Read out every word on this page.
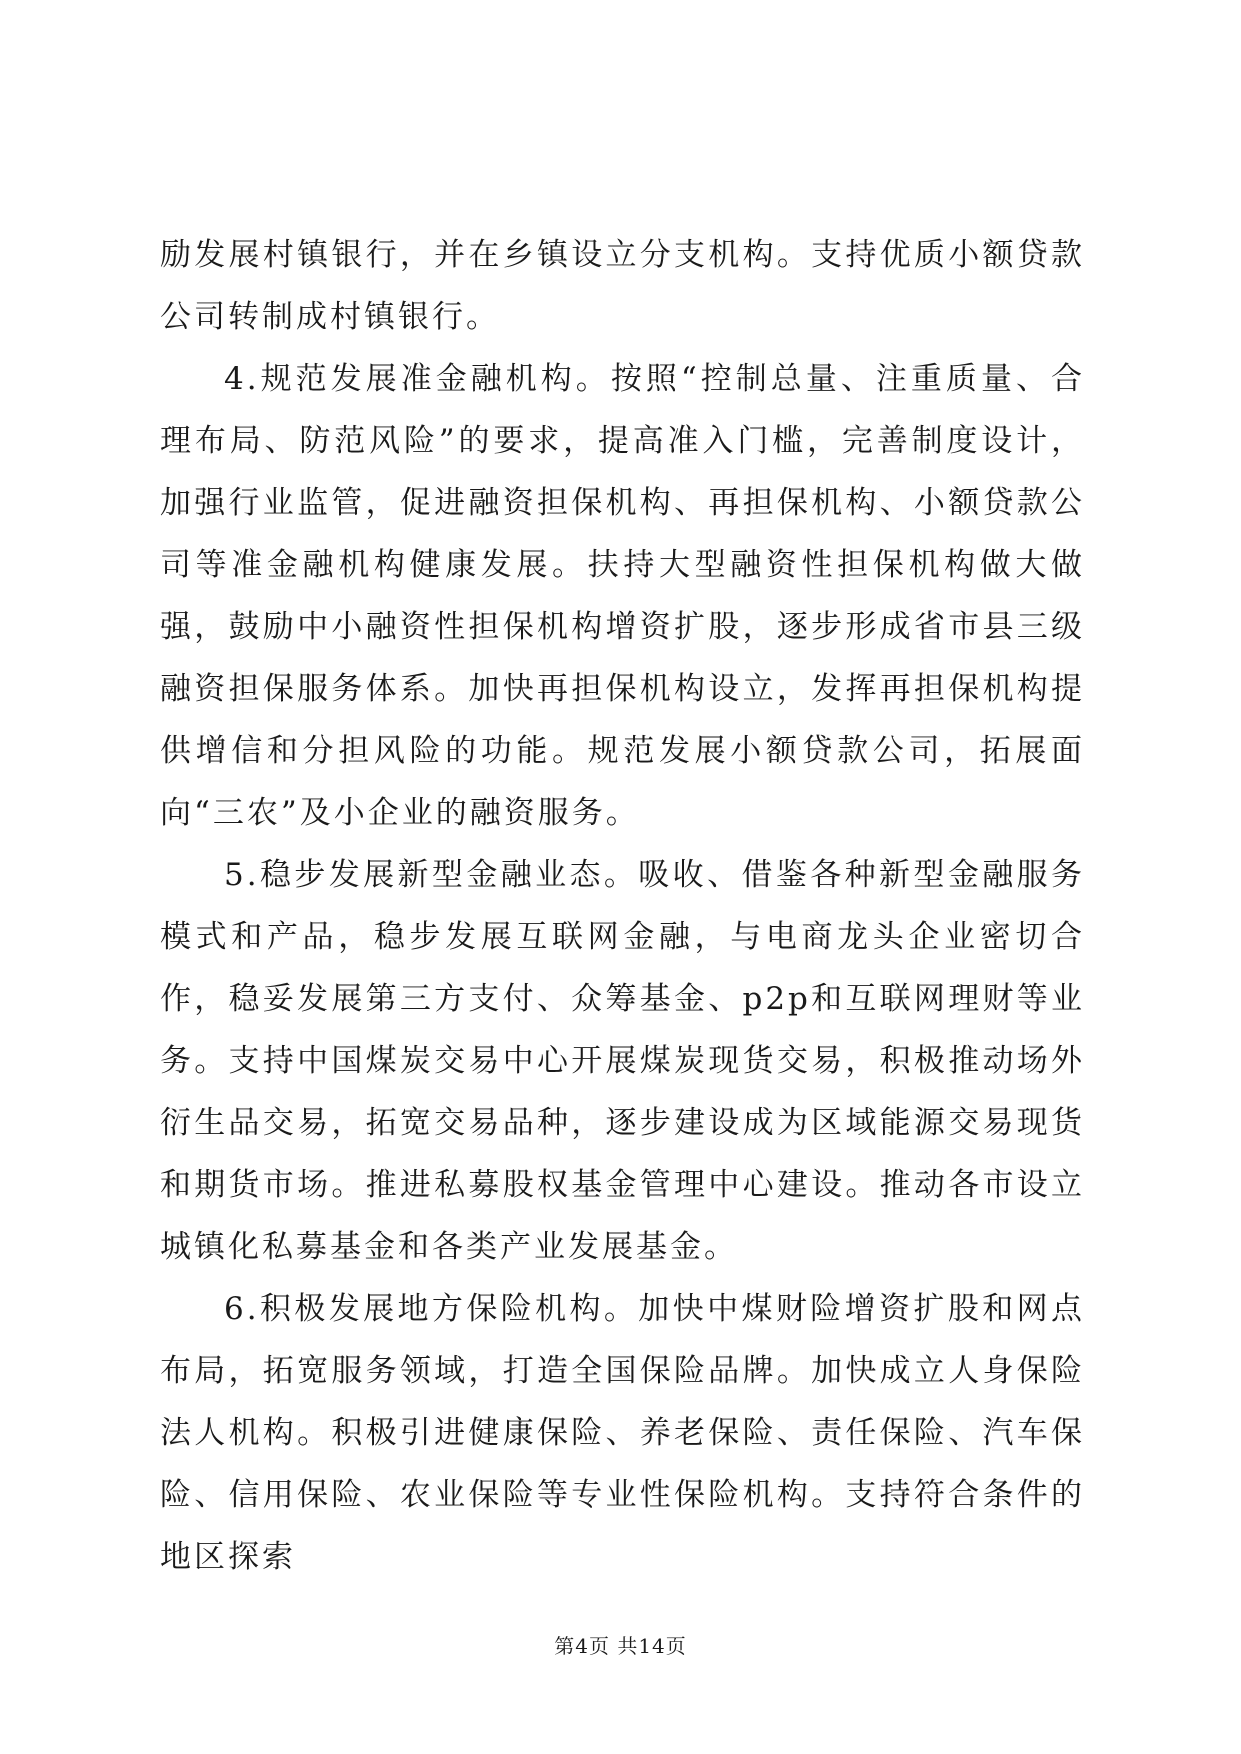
励发展村镇银行，并在乡镇设立分支机构。支持优质小额贷款公司转制成村镇银行。

4.规范发展准金融机构。按照“控制总量、注重质量、合理布局、防范风险”的要求，提高准入门槛，完善制度设计，加强行业监管，促进融资担保机构、再担保机构、小额贷款公司等准金融机构健康发展。扶持大型融资性担保机构做大做强，鼓励中小融资性担保机构增资扩股，逐步形成省市县三级融资担保服务体系。加快再担保机构设立，发挥再担保机构提供增信和分担风险的功能。规范发展小额贷款公司，拓展面向“三农”及小企业的融资服务。

5.稳步发展新型金融业态。吸收、借鉴各种新型金融服务模式和产品，稳步发展互联网金融，与电商龙头企业密切合作，稳妥发展第三方支付、众筹基金、p2p和互联网理财等业务。支持中国煤炭交易中心开展煤炭现货交易，积极推动场外衍生品交易，拓宽交易品种，逐步建设成为区域能源交易现货和期货市场。推进私募股权基金管理中心建设。推动各市设立城镇化私募基金和各类产业发展基金。

6.积极发展地方保险机构。加快中煤财险增资扩股和网点布局，拓宽服务领域，打造全国保险品牌。加快成立人身保险法人机构。积极引进健康保险、养老保险、责任保险、汽车保险、信用保险、农业保险等专业性保险机构。支持符合条件的地区探索

第4页 共14页
